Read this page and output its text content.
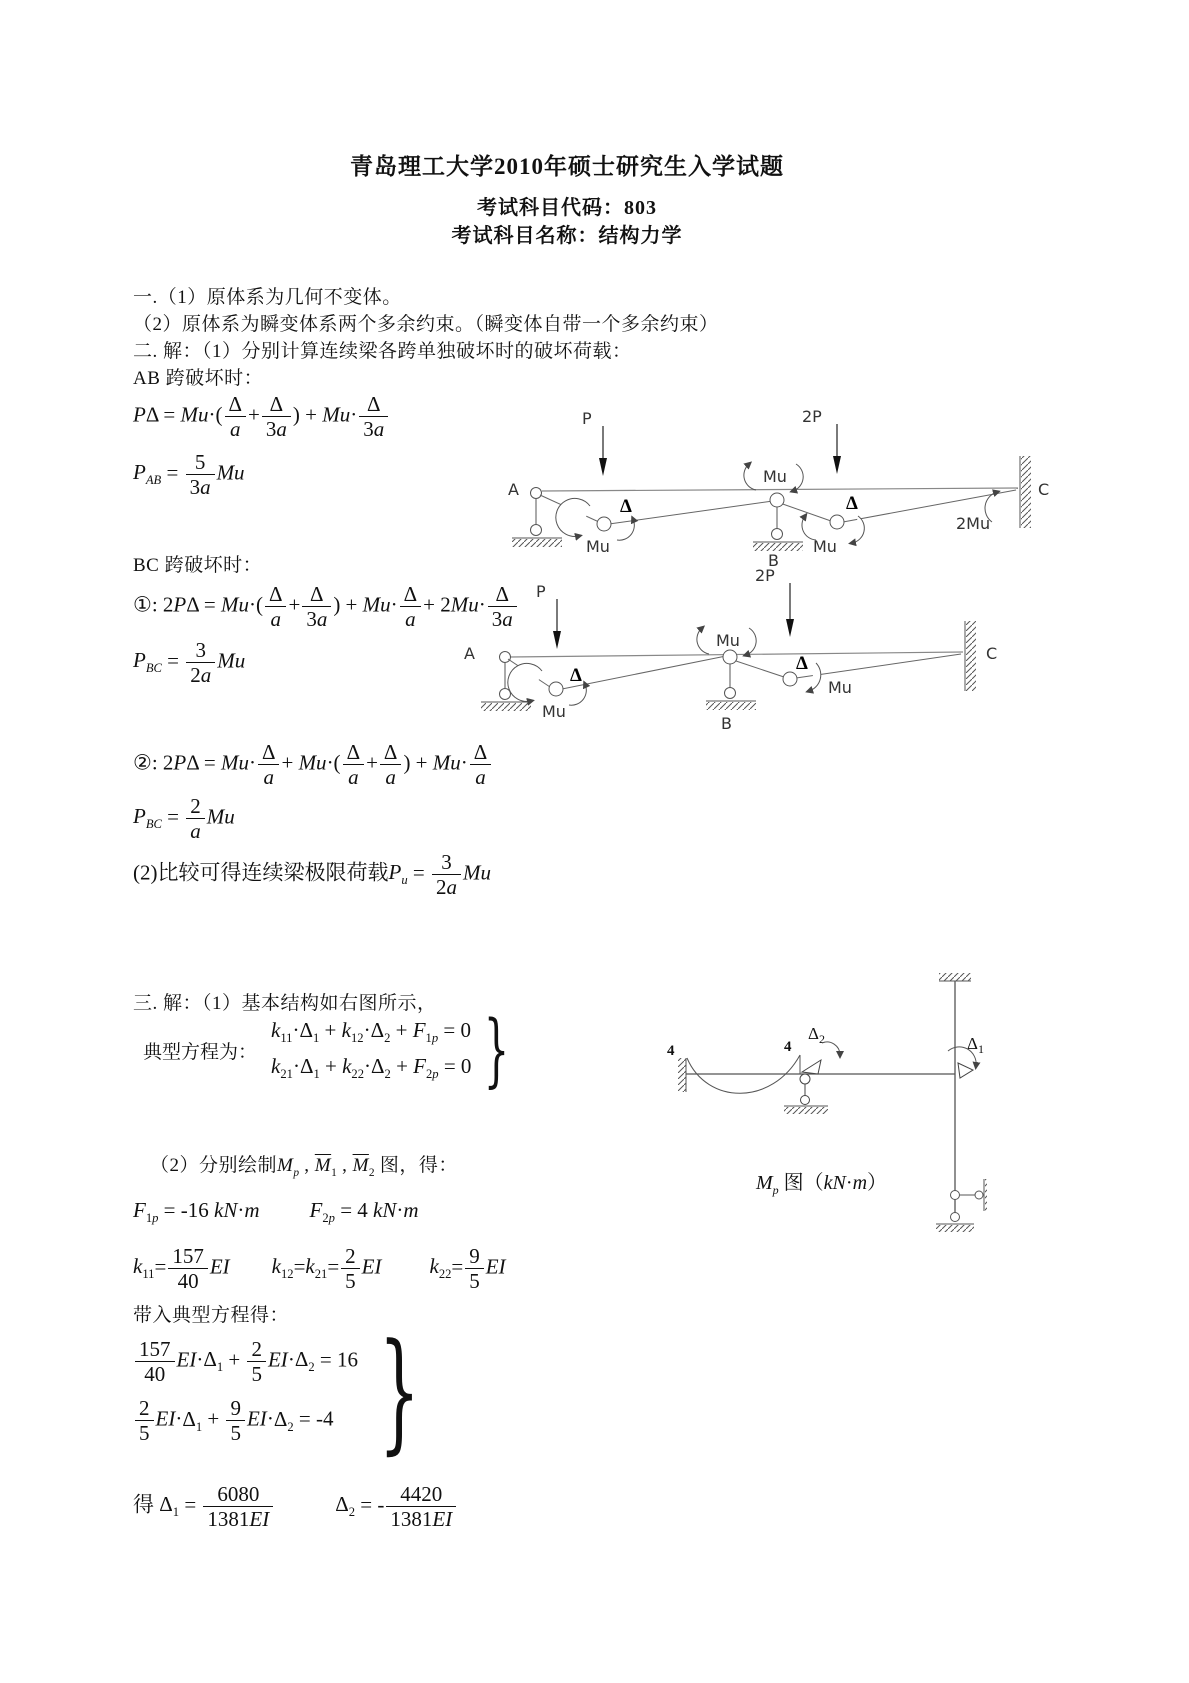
青岛理工大学2010年硕士研究生入学试题
考试科目代码：803
考试科目名称：结构力学
一.（1）原体系为几何不变体。
（2）原体系为瞬变体系两个多余约束。（瞬变体自带一个多余约束）
二. 解：（1）分别计算连续梁各跨单独破坏时的破坏荷载：
AB 跨破坏时：
$P\Delta = Mu\cdot( \frac{\Delta}{a} + \frac{\Delta}{3a}$ ) + $Mu\cdot \frac{\Delta}{3a}$
$P_{AB} = \frac{5}{3a}$ Mu
A
P
Δ
Mu
Mu
B
2P
Δ
Mu
2Mu
C
BC 跨破坏时：
①: $2P\Delta = Mu\cdot( \frac{\Delta}{a} + \frac{\Delta}{3a}$ ) + $Mu\cdot \frac{\Delta}{a} + 2Mu\cdot \frac{\Delta}{3a}$
$P_{BC} = \frac{3}{2a}$ Mu	A
P
Δ
Mu
Mu
B
2P
Δ
Mu
C
②: $2P\Delta = Mu\cdot \frac{\Delta}{a} + Mu\cdot( \frac{\Delta}{a} + \frac{\Delta}{a}$ ) + $Mu\cdot \frac{\Delta}{a}$
$P_{BC} = \frac{2}{a}$ Mu
(2)比较可得连续梁极限荷载$P_u = \frac{3}{2a}$ Mu
三. 解：（1）基本结构如右图所示，
典型方程为：
$k_{11}\cdot\Delta_1 + k_{12}\cdot\Delta_2 + F_{1p} = 0$
$k_{21}\cdot\Delta_1 + k_{22}\cdot\Delta_2 + F_{2p} = 0$ }	4	4
$\Delta_2$	$\Delta_1$
（2）分别绘制$M_p$ , $\overline{M}_1$ , $\overline{M}_2$ 图，得：
$F_{1p} = -16$ kN·m $F_{2p} = 4$ kN·m
$k_{11}= \frac{157}{40}$ EI $k_{12}=k_{21}= \frac{2}{5}$ EI $k_{22}= \frac{9}{5}$ EI
$M_p$ 图（kN·m）
带入典型方程得：
$\frac{157}{40} EI\cdot\Delta_1 + \frac{2}{5} EI\cdot\Delta_2 = 16$
$\frac{2}{5} EI\cdot\Delta_1 + \frac{9}{5} EI\cdot\Delta_2 = -4$ }
得 $\Delta_1 = \frac{6080}{1381EI}$	$\Delta_2$ = - $\frac{4420}{1381EI}$
